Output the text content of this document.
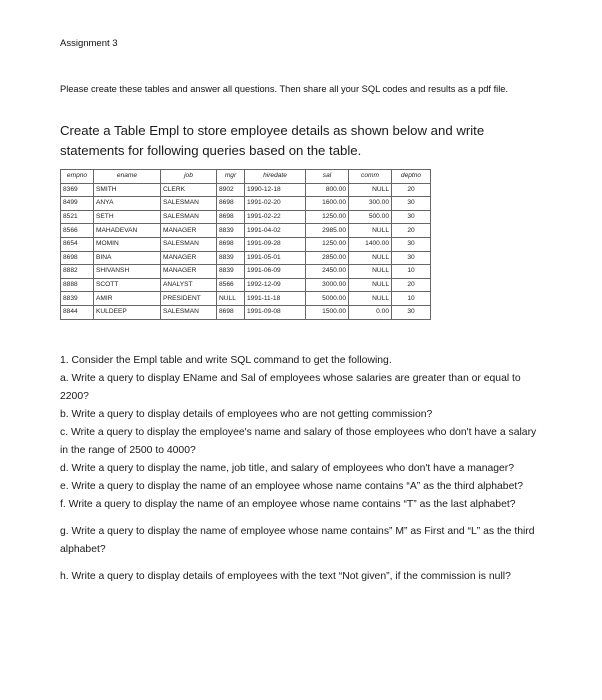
Assignment 3
Please create these tables and answer all questions. Then share all your SQL codes and results as a pdf file.
Create a Table Empl to store employee details as shown below and write statements for following queries based on the table.
empno	ename	job	mgr	hiredate	sal	comm	deptno
8369	SMITH	CLERK	8902	1990-12-18	800.00	NULL	20
8499	ANYA	SALESMAN	8698	1991-02-20	1600.00	300.00	30
8521	SETH	SALESMAN	8698	1991-02-22	1250.00	500.00	30
8566	MAHADEVAN	MANAGER	8839	1991-04-02	2985.00	NULL	20
8654	MOMIN	SALESMAN	8698	1991-09-28	1250.00	1400.00	30
8698	BINA	MANAGER	8839	1991-05-01	2850.00	NULL	30
8882	SHIVANSH	MANAGER	8839	1991-06-09	2450.00	NULL	10
8888	SCOTT	ANALYST	8566	1992-12-09	3000.00	NULL	20
8839	AMIR	PRESIDENT	NULL	1991-11-18	5000.00	NULL	10
8844	KULDEEP	SALESMAN	8698	1991-09-08	1500.00	0.00	30

1. Consider the Empl table and write SQL command to get the following.

a. Write a query to display EName and Sal of employees whose salaries are greater than or equal to 2200?

b. Write a query to display details of employees who are not getting commission?

c. Write a query to display the employee's name and salary of those employees who don't have a salary in the range of 2500 to 4000?

d. Write a query to display the name, job title, and salary of employees who don't have a manager?

e. Write a query to display the name of an employee whose name contains “A” as the third alphabet?

f. Write a query to display the name of an employee whose name contains “T” as the last alphabet?

g. Write a query to display the name of employee whose name contains” M” as First and “L” as the third alphabet?

h. Write a query to display details of employees with the text “Not given”, if the commission is null?
